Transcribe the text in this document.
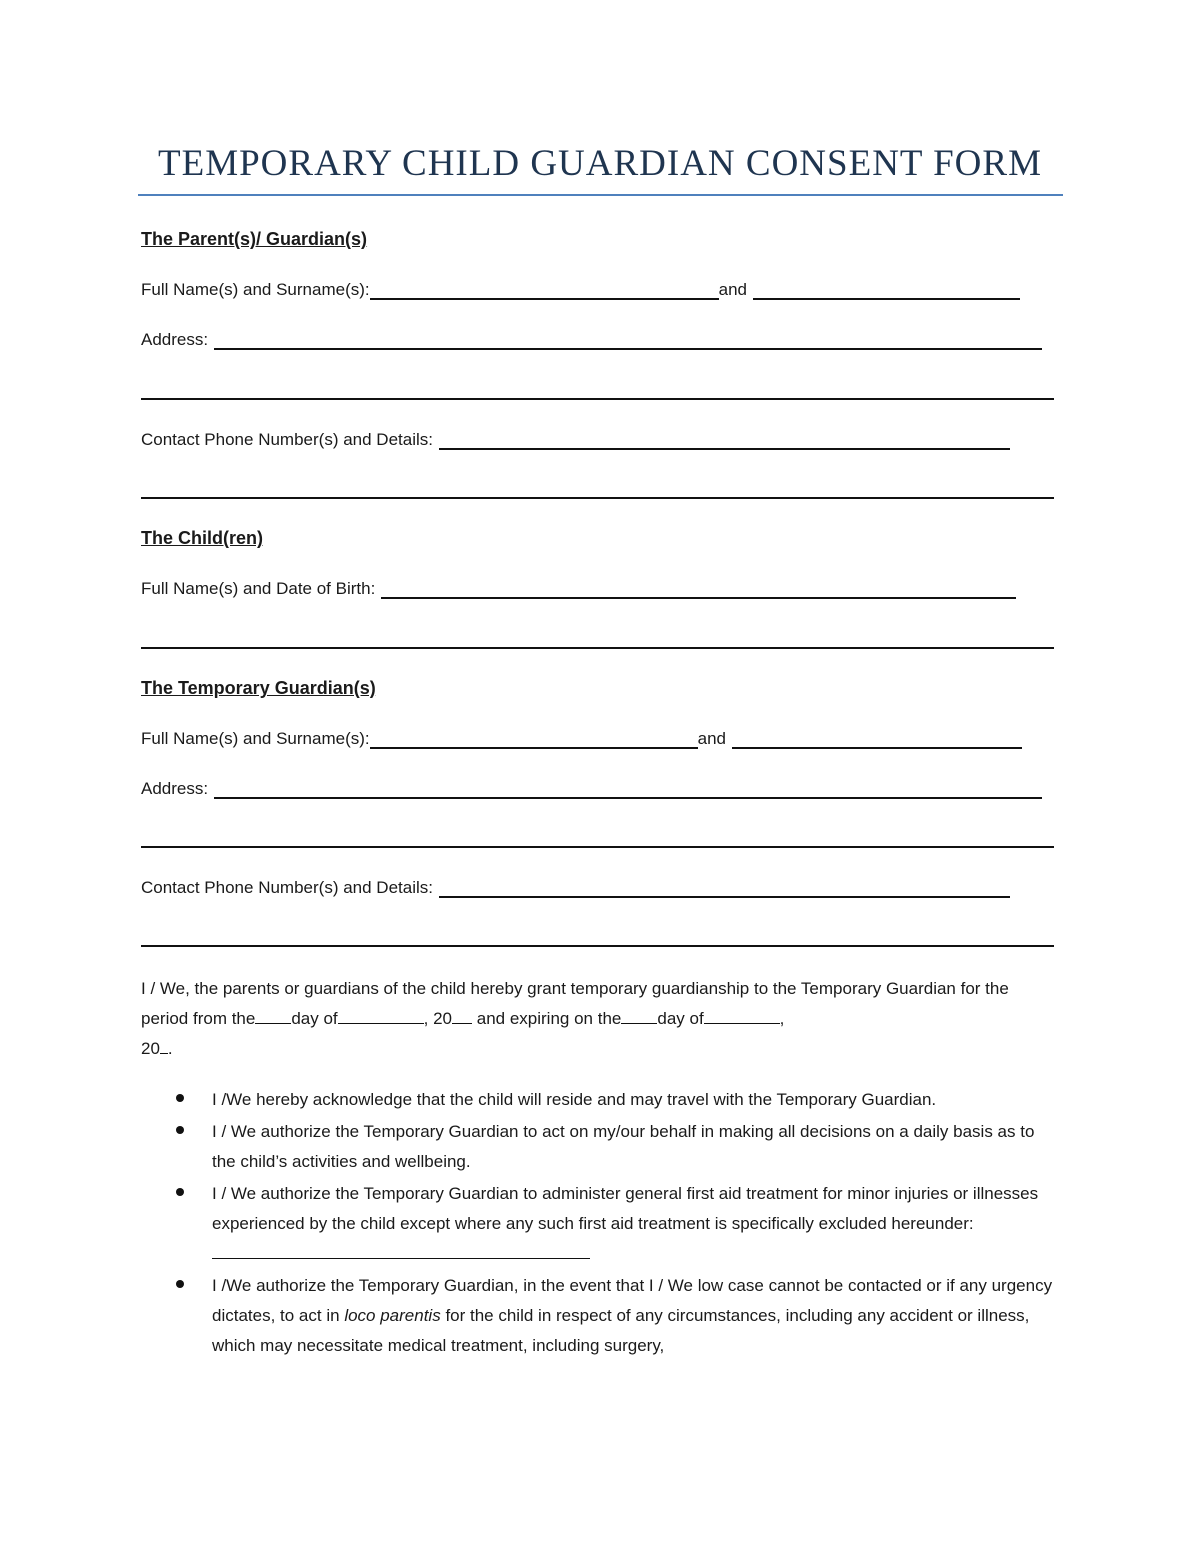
TEMPORARY CHILD GUARDIAN CONSENT FORM
The Parent(s)/ Guardian(s)
Full Name(s) and Surname(s):	and
Address:
Contact Phone Number(s) and Details:
The Child(ren)
Full Name(s) and Date of Birth:
The Temporary Guardian(s)
Full Name(s) and Surname(s):	and
Address:
Contact Phone Number(s) and Details:
I / We, the parents or guardians of the child hereby grant temporary guardianship to the Temporary Guardian for the period from the day of	, 20 and expiring on the day of	,
20 .
I /We hereby acknowledge that the child will reside and may travel with the Temporary Guardian.
I / We authorize the Temporary Guardian to act on my/our behalf in making all decisions on a daily basis as to the child’s activities and wellbeing.
I / We authorize the Temporary Guardian to administer general first aid treatment for minor injuries or illnesses experienced by the child except where any such first aid treatment is specifically excluded hereunder:
I /We authorize the Temporary Guardian, in the event that I / We low case cannot be contacted or if any urgency dictates, to act in loco parentis for the child in respect of any circumstances, including any accident or illness, which may necessitate medical treatment, including surgery,
